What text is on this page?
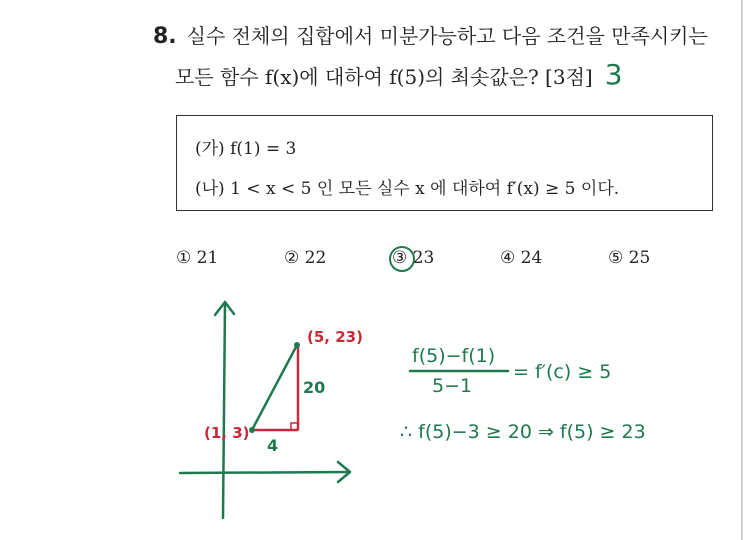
8. 실수 전체의 집합에서 미분가능하고 다음 조건을 만족시키는
모든 함수 f(x)에 대하여 f(5)의 최솟값은? [3점] 3
(가) f(1) = 3
(나) 1 < x < 5 인 모든 실수 x 에 대하여 f′(x) ≥ 5 이다.
① 21	② 22	③ 23	④ 24	⑤ 25
(5, 23)
(1, 3)
20
4
f(5)−f(1)
5−1
= f′(c) ≥ 5
∴ f(5)−3 ≥ 20 ⇒ f(5) ≥ 23
